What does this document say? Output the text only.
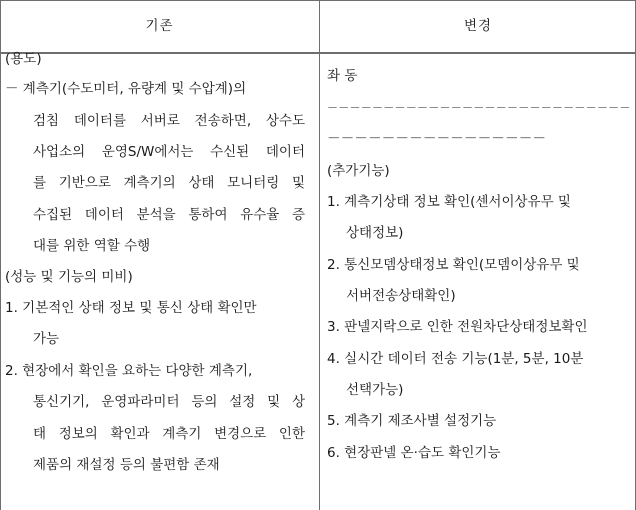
기존	변경
(용도)
－ 계측기(수도미터, 유량계 및 수압계)의
검침 데이터를 서버로 전송하면, 상수도
사업소의 운영S/W에서는 수신된 데이터
를 기반으로 계측기의 상태 모니터링 및
수집된 데이터 분석을 통하여 유수율 증
대를 위한 역할 수행
(성능 및 기능의 미비)
1. 기본적인 상태 정보 및 통신 상태 확인만
가능
2. 현장에서 확인을 요하는 다양한 계측기,
통신기기, 운영파라미터 등의 설정 및 상
태 정보의 확인과 계측기 변경으로 인한
제품의 재설정 등의 불편함 존재
좌 동
－－－－－－－－－－－－－－－－－－－－－－－－－－－
－－－－－－－－－－－－－－－－
(추가기능)
1. 계측기상태 정보 확인(센서이상유무 및
상태정보)
2. 통신모뎀상태정보 확인(모뎀이상유무 및
서버전송상태확인)
3. 판넬지락으로 인한 전원차단상태정보확인
4. 실시간 데이터 전송 기능(1분, 5분, 10분
선택가능)
5. 계측기 제조사별 설정기능
6. 현장판넬 온·습도 확인기능
